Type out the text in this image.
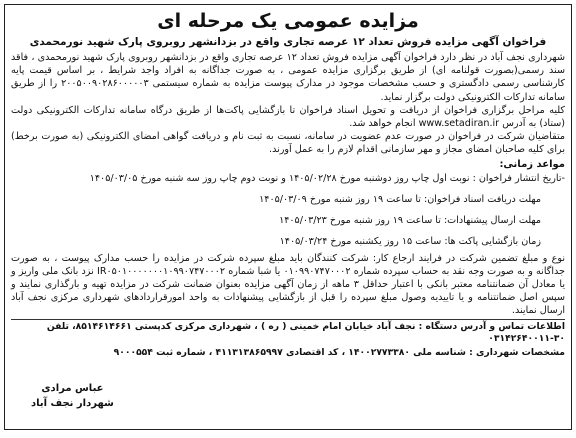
مزایده عمومی یک مرحله ای
فراخوان آگهی مزایده فروش تعداد ۱۲ عرصه تجاری واقع در بزدانشهر روبروی پارک شهید نورمحمدی

شهرداری نجف آباد در نظر دارد فراخوان آگهی مزایده فروش تعداد ۱۲ عرصه تجاری واقع در بزدانشهر روبروی پارک شهید نورمحمدی ، فاقد سند رسمی(بصورت قولنامه ای) از طریق برگزاری مزایده عمومی ، به صورت جداگانه به افراد واجد شرایط ، بر اساس قیمت پایه کارشناسی رسمی دادگستری و حسب مشخصات موجود در مدارک پیوست مزایده به شماره سیستمی ۲۰۰۵۰۰۹۰۲۸۶۰۰۰۰۰۳ را از طریق سامانه تدارکات الکترونیکی دولت برگزار نماید.

کلیه مراحل برگزاری فراخوان از دریافت و تحویل اسناد فراخوان تا بازگشایی پاکت‌ها از طریق درگاه سامانه تدارکات الکترونیکی دولت (ستاد) به آدرس www.setadiran.ir انجام خواهد شد.

متقاضیان شرکت در فراخوان در صورت عدم عضویت در سامانه، نسبت به ثبت نام و دریافت گواهی امضای الکترونیکی (به صورت برخط) برای کلیه صاحبان امضای مجاز و مهر سازمانی اقدام لازم را به عمل آورند.

مواعد زمانی:
-تاریخ انتشار فراخوان : نوبت اول چاپ روز دوشنبه مورخ ۱۴۰۵/۰۲/۲۸ و نوبت دوم چاپ روز سه شنبه مورخ ۱۴۰۵/۰۳/۰۵
مهلت دریافت اسناد فراخوان: تا ساعت ۱۹ روز شنبه مورخ ۱۴۰۵/۰۳/۰۹
مهلت ارسال پیشنهادات: تا ساعت ۱۹ روز شنبه مورخ ۱۴۰۵/۰۳/۲۳
زمان بازگشایی پاکت ها: ساعت ۱۵ روز یکشنبه مورخ ۱۴۰۵/۰۳/۲۴
نوع و مبلغ تضمین شرکت در فرایند ارجاع کار: شرکت کنندگان باید مبلغ سپرده شرکت در مزایده را حسب مدارک پیوست ، به صورت جداگانه و به صورت وجه نقد به حساب سپرده شماره ۰۱۰۹۹۰۷۴۷۰۰۰۲ یا شبا شماره IR۰۵۰۱۰۰۰۰۰۰۰۱۰۹۹۰۷۴۷۰۰۰۲ نزد بانک ملی واریز و یا معادل آن ضمانتنامه معتبر بانکی با اعتبار حداقل ۳ ماهه از زمان آگهی مزایده بعنوان ضمانت شرکت در مزایده تهیه و بارگذاری نمایند و سپس اصل ضمانتنامه و یا تاییدیه وصول مبلغ سپرده را قبل از بازگشایی پیشنهادات به واحد امورقراردادهای شهرداری مرکزی نجف آباد ارسال نمایند.
اطلاعات تماس و آدرس دستگاه : نجف آباد خیابان امام خمینی ( ره ) ، شهرداری مرکزی کدپستی ۸۵۱۴۶۱۴۶۶۱، تلفن ۳۰-۰۳۱۴۲۶۴۰۰۱۱
مشخصات شهرداری : شناسه ملی ۱۴۰۰۲۷۷۳۳۸۰ ، کد اقتصادی ۴۱۱۳۱۳۸۶۵۹۹۷ ، شماره ثبت ۹۰۰۰۵۵۴
عباس مرادی
شهردار نجف آباد
